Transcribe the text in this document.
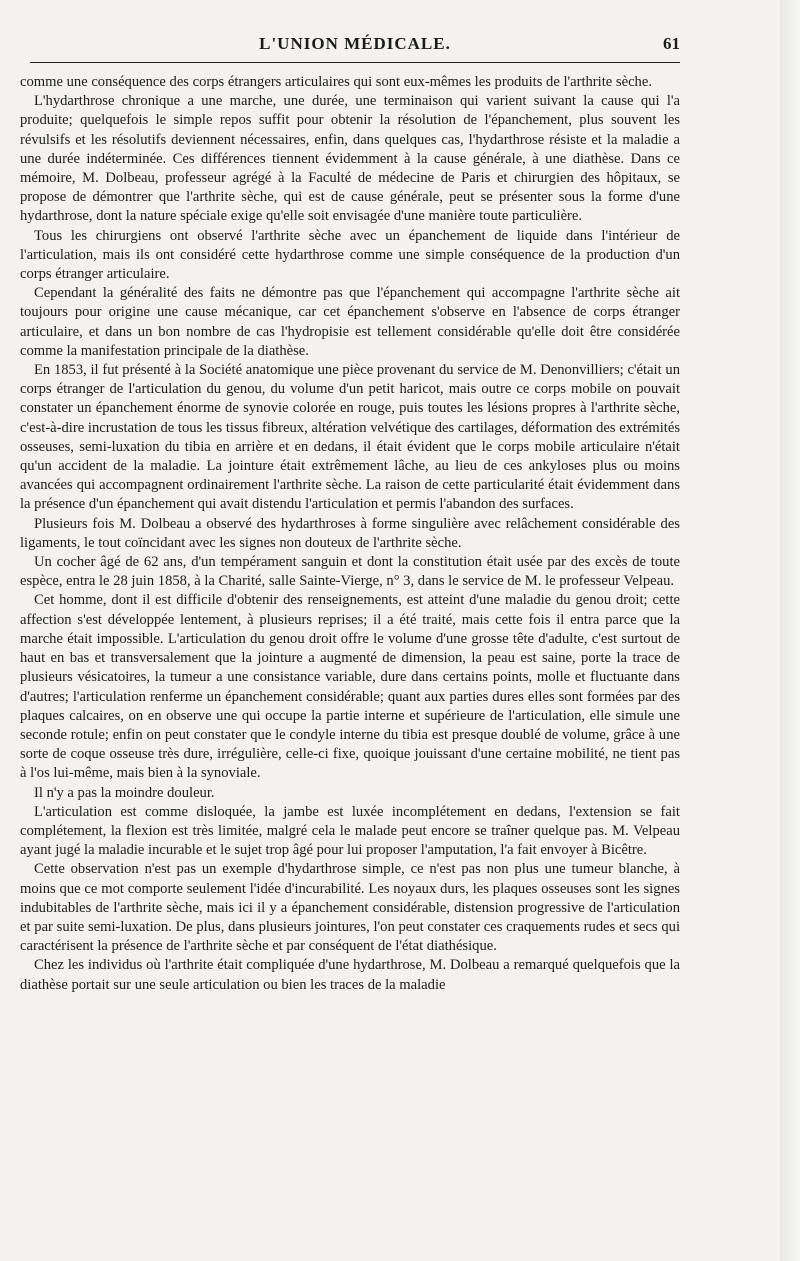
L'UNION MÉDICALE.	61

comme une conséquence des corps étrangers articulaires qui sont eux-mêmes les produits de l'arthrite sèche.

L'hydarthrose chronique a une marche, une durée, une terminaison qui varient suivant la cause qui l'a produite; quelquefois le simple repos suffit pour obtenir la résolution de l'épanchement, plus souvent les révulsifs et les résolutifs deviennent nécessaires, enfin, dans quelques cas, l'hydarthrose résiste et la maladie a une durée indéterminée. Ces différences tiennent évidemment à la cause générale, à une diathèse. Dans ce mémoire, M. Dolbeau, professeur agrégé à la Faculté de médecine de Paris et chirurgien des hôpitaux, se propose de démontrer que l'arthrite sèche, qui est de cause générale, peut se présenter sous la forme d'une hydarthrose, dont la nature spéciale exige qu'elle soit envisagée d'une manière toute particulière.

Tous les chirurgiens ont observé l'arthrite sèche avec un épanchement de liquide dans l'intérieur de l'articulation, mais ils ont considéré cette hydarthrose comme une simple conséquence de la production d'un corps étranger articulaire.

Cependant la généralité des faits ne démontre pas que l'épanchement qui accompagne l'arthrite sèche ait toujours pour origine une cause mécanique, car cet épanchement s'observe en l'absence de corps étranger articulaire, et dans un bon nombre de cas l'hydropisie est tellement considérable qu'elle doit être considérée comme la manifestation principale de la diathèse.

En 1853, il fut présenté à la Société anatomique une pièce provenant du service de M. Denonvilliers; c'était un corps étranger de l'articulation du genou, du volume d'un petit haricot, mais outre ce corps mobile on pouvait constater un épanchement énorme de synovie colorée en rouge, puis toutes les lésions propres à l'arthrite sèche, c'est-à-dire incrustation de tous les tissus fibreux, altération velvétique des cartilages, déformation des extrémités osseuses, semi-luxation du tibia en arrière et en dedans, il était évident que le corps mobile articulaire n'était qu'un accident de la maladie. La jointure était extrêmement lâche, au lieu de ces ankyloses plus ou moins avancées qui accompagnent ordinairement l'arthrite sèche. La raison de cette particularité était évidemment dans la présence d'un épanchement qui avait distendu l'articulation et permis l'abandon des surfaces.

Plusieurs fois M. Dolbeau a observé des hydarthroses à forme singulière avec relâchement considérable des ligaments, le tout coïncidant avec les signes non douteux de l'arthrite sèche.

Un cocher âgé de 62 ans, d'un tempérament sanguin et dont la constitution était usée par des excès de toute espèce, entra le 28 juin 1858, à la Charité, salle Sainte-Vierge, n° 3, dans le service de M. le professeur Velpeau.

Cet homme, dont il est difficile d'obtenir des renseignements, est atteint d'une maladie du genou droit; cette affection s'est développée lentement, à plusieurs reprises; il a été traité, mais cette fois il entra parce que la marche était impossible. L'articulation du genou droit offre le volume d'une grosse tête d'adulte, c'est surtout de haut en bas et transversalement que la jointure a augmenté de dimension, la peau est saine, porte la trace de plusieurs vésicatoires, la tumeur a une consistance variable, dure dans certains points, molle et fluctuante dans d'autres; l'articulation renferme un épanchement considérable; quant aux parties dures elles sont formées par des plaques calcaires, on en observe une qui occupe la partie interne et supérieure de l'articulation, elle simule une seconde rotule; enfin on peut constater que le condyle interne du tibia est presque doublé de volume, grâce à une sorte de coque osseuse très dure, irrégulière, celle-ci fixe, quoique jouissant d'une certaine mobilité, ne tient pas à l'os lui-même, mais bien à la synoviale.

Il n'y a pas la moindre douleur.

L'articulation est comme disloquée, la jambe est luxée incomplétement en dedans, l'extension se fait complétement, la flexion est très limitée, malgré cela le malade peut encore se traîner quelque pas. M. Velpeau ayant jugé la maladie incurable et le sujet trop âgé pour lui proposer l'amputation, l'a fait envoyer à Bicêtre.

Cette observation n'est pas un exemple d'hydarthrose simple, ce n'est pas non plus une tumeur blanche, à moins que ce mot comporte seulement l'idée d'incurabilité. Les noyaux durs, les plaques osseuses sont les signes indubitables de l'arthrite sèche, mais ici il y a épanchement considérable, distension progressive de l'articulation et par suite semi-luxation. De plus, dans plusieurs jointures, l'on peut constater ces craquements rudes et secs qui caractérisent la présence de l'arthrite sèche et par conséquent de l'état diathésique.

Chez les individus où l'arthrite était compliquée d'une hydarthrose, M. Dolbeau a remarqué quelquefois que la diathèse portait sur une seule articulation ou bien les traces de la maladie
